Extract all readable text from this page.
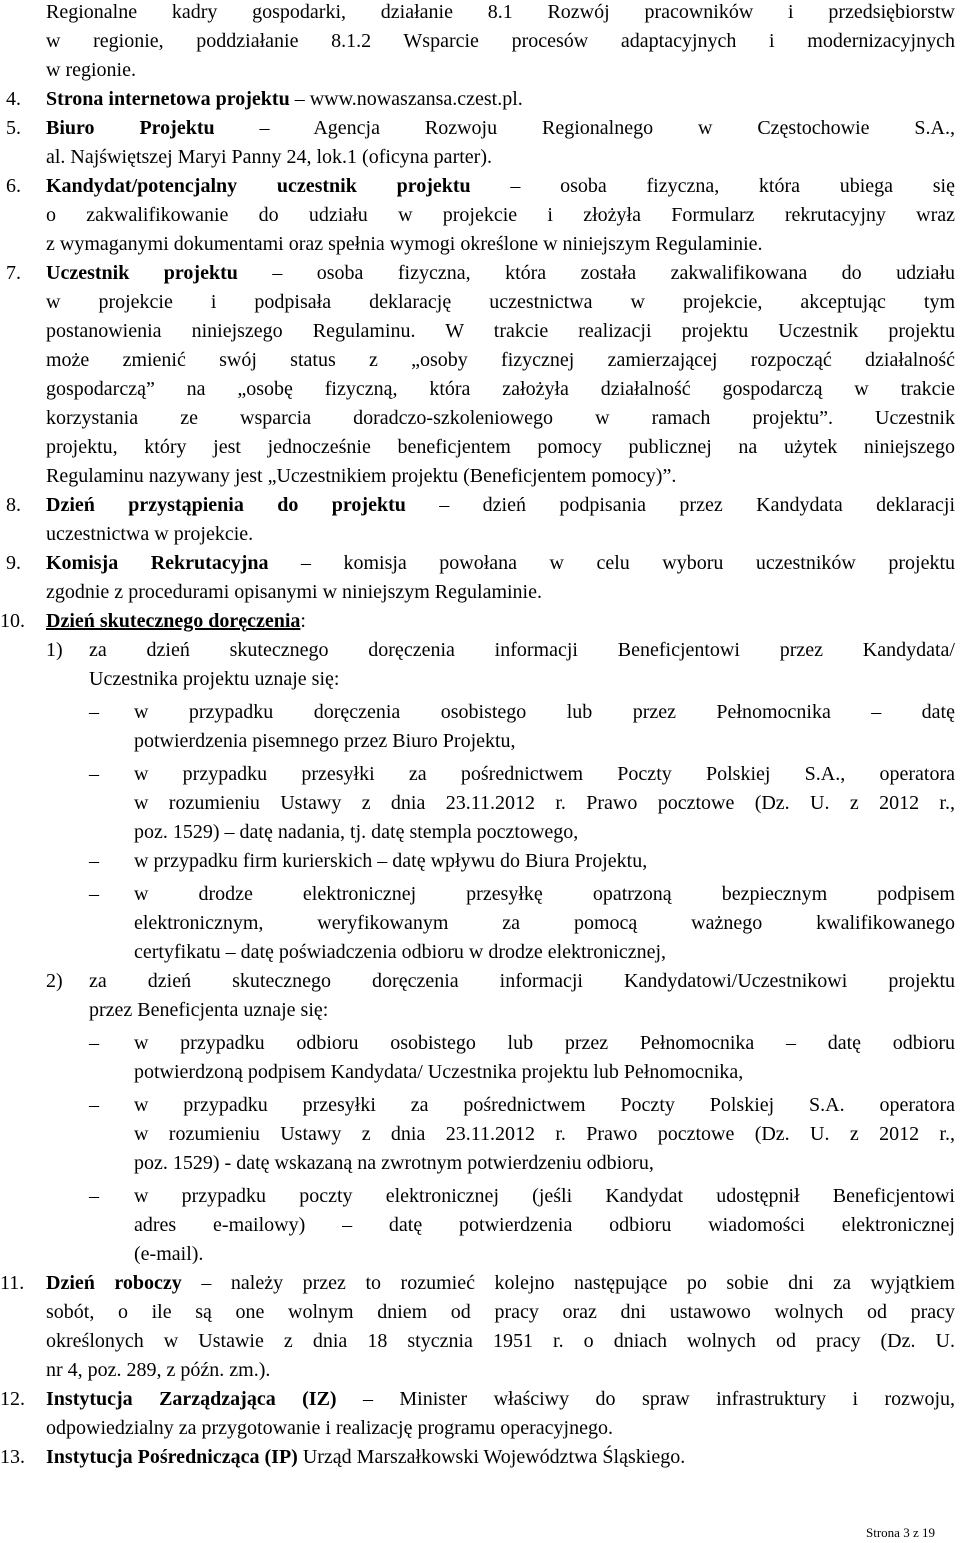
Regionalne kadry gospodarki, działanie 8.1 Rozwój pracowników i przedsiębiorstw
w regionie, poddziałanie 8.1.2 Wsparcie procesów adaptacyjnych i modernizacyjnych
w regionie.
4. Strona internetowa projektu – www.nowaszansa.czest.pl.
5. Biuro Projektu – Agencja Rozwoju Regionalnego w Częstochowie S.A.,
al. Najświętszej Maryi Panny 24, lok.1 (oficyna parter).
6. Kandydat/potencjalny uczestnik projektu – osoba fizyczna, która ubiega się
o zakwalifikowanie do udziału w projekcie i złożyła Formularz rekrutacyjny wraz
z wymaganymi dokumentami oraz spełnia wymogi określone w niniejszym Regulaminie.
7. Uczestnik projektu – osoba fizyczna, która została zakwalifikowana do udziału
w projekcie i podpisała deklarację uczestnictwa w projekcie, akceptując tym
postanowienia niniejszego Regulaminu. W trakcie realizacji projektu Uczestnik projektu
może zmienić swój status z „osoby fizycznej zamierzającej rozpocząć działalność
gospodarczą” na „osobę fizyczną, która założyła działalność gospodarczą w trakcie
korzystania ze wsparcia doradczo-szkoleniowego w ramach projektu”. Uczestnik
projektu, który jest jednocześnie beneficjentem pomocy publicznej na użytek niniejszego
Regulaminu nazywany jest „Uczestnikiem projektu (Beneficjentem pomocy)”.
8. Dzień przystąpienia do projektu – dzień podpisania przez Kandydata deklaracji
uczestnictwa w projekcie.
9. Komisja Rekrutacyjna – komisja powołana w celu wyboru uczestników projektu
zgodnie z procedurami opisanymi w niniejszym Regulaminie.
10. Dzień skutecznego doręczenia:
1) za dzień skutecznego doręczenia informacji Beneficjentowi przez Kandydata/
Uczestnika projektu uznaje się:
– w przypadku doręczenia osobistego lub przez Pełnomocnika – datę
potwierdzenia pisemnego przez Biuro Projektu,
– w przypadku przesyłki za pośrednictwem Poczty Polskiej S.A., operatora
w rozumieniu Ustawy z dnia 23.11.2012 r. Prawo pocztowe (Dz. U. z 2012 r.,
poz. 1529) – datę nadania, tj. datę stempla pocztowego,
– w przypadku firm kurierskich – datę wpływu do Biura Projektu,
– w drodze elektronicznej przesyłkę opatrzoną bezpiecznym podpisem
elektronicznym, weryfikowanym za pomocą ważnego kwalifikowanego
certyfikatu – datę poświadczenia odbioru w drodze elektronicznej,
2) za dzień skutecznego doręczenia informacji Kandydatowi/Uczestnikowi projektu
przez Beneficjenta uznaje się:
– w przypadku odbioru osobistego lub przez Pełnomocnika – datę odbioru
potwierdzoną podpisem Kandydata/ Uczestnika projektu lub Pełnomocnika,
– w przypadku przesyłki za pośrednictwem Poczty Polskiej S.A. operatora
w rozumieniu Ustawy z dnia 23.11.2012 r. Prawo pocztowe (Dz. U. z 2012 r.,
poz. 1529) - datę wskazaną na zwrotnym potwierdzeniu odbioru,
– w przypadku poczty elektronicznej (jeśli Kandydat udostępnił Beneficjentowi
adres e-mailowy) – datę potwierdzenia odbioru wiadomości elektronicznej
(e-mail).
11. Dzień roboczy – należy przez to rozumieć kolejno następujące po sobie dni za wyjątkiem
sobót, o ile są one wolnym dniem od pracy oraz dni ustawowo wolnych od pracy
określonych w Ustawie z dnia 18 stycznia 1951 r. o dniach wolnych od pracy (Dz. U.
nr 4, poz. 289, z późn. zm.).
12. Instytucja Zarządzająca (IZ) – Minister właściwy do spraw infrastruktury i rozwoju,
odpowiedzialny za przygotowanie i realizację programu operacyjnego.
13. Instytucja Pośrednicząca (IP) Urząd Marszałkowski Województwa Śląskiego.
Strona 3 z 19
